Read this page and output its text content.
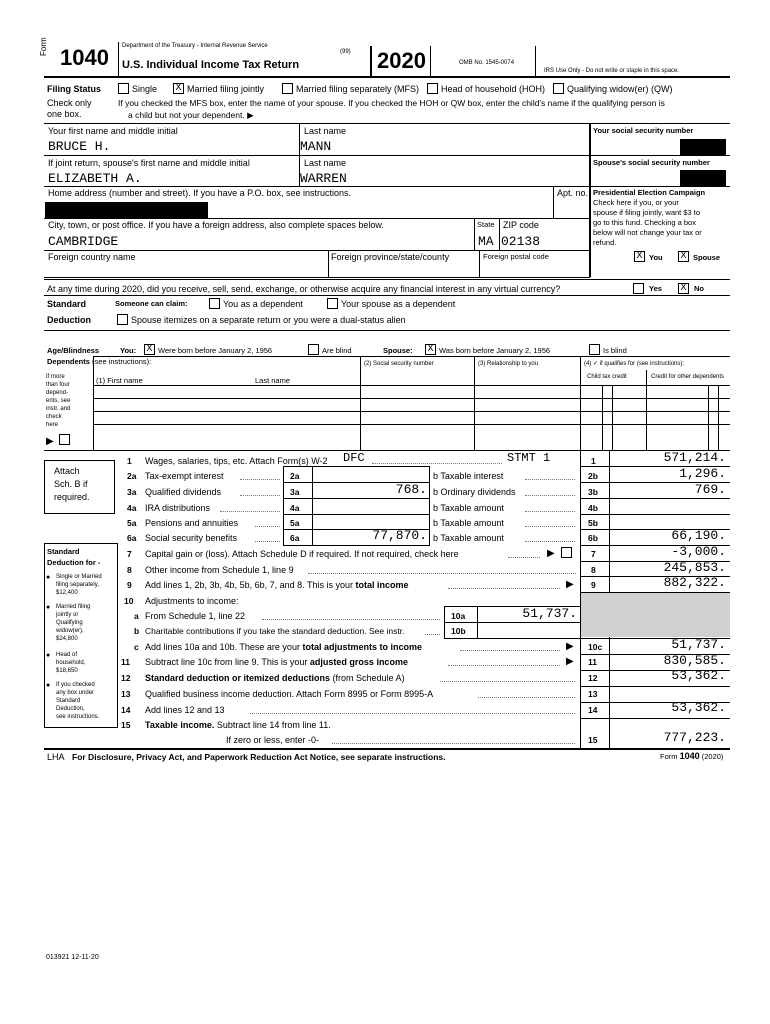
Form 1040 Department of the Treasury - Internal Revenue Service
(99)
U.S. Individual Income Tax Return	2020	OMB No. 1545-0074
IRS Use Only - Do not write or staple in this space.
Filing Status
Check only
one box.
Single X Married filing jointly	Married filing separately (MFS) Head of household (HOH) Qualifying widow(er) (QW)
If you checked the MFS box, enter the name of your spouse. If you checked the HOH or QW box, enter the child's name if the qualifying person is
a child but not your dependent. ▶
Your first name and middle initial	Last name	Your social security number
BRUCE H.	MANN
If joint return, spouse's first name and middle initial	Last name	Spouse's social security number
ELIZABETH A.	WARREN
Home address (number and street). If you have a P.O. box, see instructions.	Apt. no.
City, town, or post office. If you have a foreign address, also complete spaces below.	State ZIP code
CAMBRIDGE	MA 02138
Foreign country name	Foreign province/state/county	Foreign postal code
Presidential Election Campaign
Check here if you, or your
spouse if filing jointly, want $3 to
go to this fund. Checking a box
below will not change your tax or
refund.
X You X Spouse
At any time during 2020, did you receive, sell, send, exchange, or otherwise acquire any financial interest in any virtual currency?	Yes X	No
Standard
Deduction
Someone can claim:	You as a dependent	Your spouse as a dependent
Spouse itemizes on a separate return or you were a dual-status alien
Age/Blindness	You: X Were born before January 2, 1956	Are blind	Spouse: X Was born before January 2, 1956	Is blind
Dependents (see instructions):	(2) Social security number	(3) Relationship to you	(4) ✓ if qualifies for (see instructions):
Child tax credit	Credit for other dependents
(1) First name	Last name
If more
than four
depend-
ents, see
instr. and
check
here
▶
Attach
Sch. B if
required.
Standard
Deduction for -
● Single or Married
filing separately,
$12,400
● Married filing
jointly or
Qualifying
widow(er),
$24,800
● Head of
household,
$18,650
● If you checked
any box under
Standard
Deduction,
see instructions.
1 Wages, salaries, tips, etc. Attach Form(s) W-2 DFC	STMT 1	1	571,214.
2a Tax-exempt interest	2a	b Taxable interest	2b	1,296.
3a Qualified dividends	3a	768. b Ordinary dividends	3b	769.
4a IRA distributions	4a	b Taxable amount	4b
5a Pensions and annuities	5a	b Taxable amount	5b
6a Social security benefits	6a	77,870. b Taxable amount	6b	66,190.
7 Capital gain or (loss). Attach Schedule D if required. If not required, check here	▶	7	-3,000.
8 Other income from Schedule 1, line 9	8	245,853.
9 Add lines 1, 2b, 3b, 4b, 5b, 6b, 7, and 8. This is your total income	▶ 9	882,322.
10 Adjustments to income:
a From Schedule 1, line 22	10a	51,737.
b Charitable contributions if you take the standard deduction. See instr.	10b
c Add lines 10a and 10b. These are your total adjustments to income	▶ 10c	51,737.
11 Subtract line 10c from line 9. This is your adjusted gross income	▶ 11	830,585.
12 Standard deduction or itemized deductions (from Schedule A)	12	53,362.
13 Qualified business income deduction. Attach Form 8995 or Form 8995-A	13
14 Add lines 12 and 13	14	53,362.
15 Taxable income. Subtract line 14 from line 11.
If zero or less, enter -0-	15	777,223.
LHA For Disclosure, Privacy Act, and Paperwork Reduction Act Notice, see separate instructions.	Form 1040 (2020)
013921 12-11-20
